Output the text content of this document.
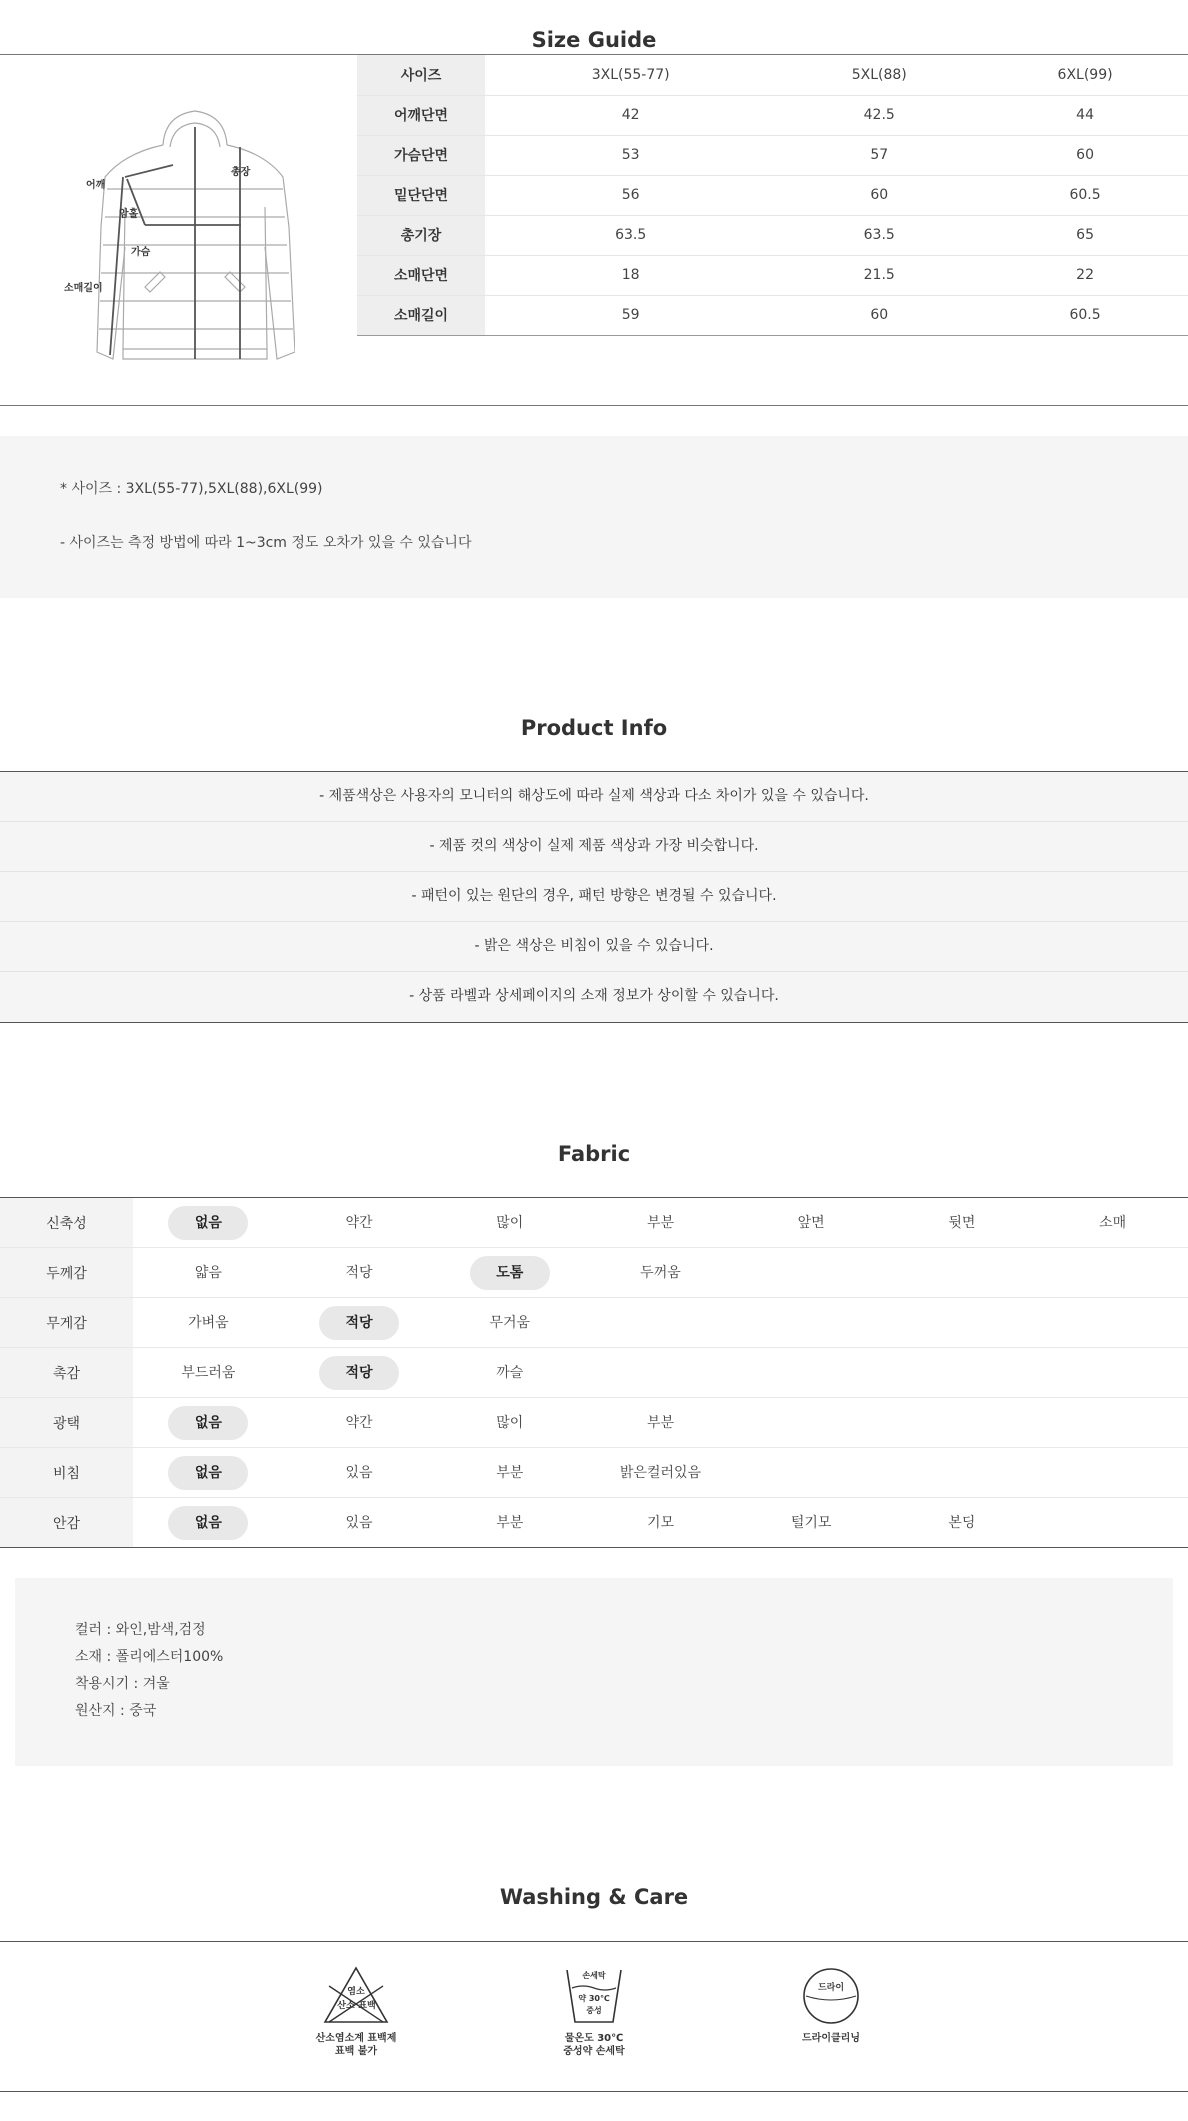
Size Guide
어깨
총장
암홀
가슴
소매길이
사이즈	3XL(55-77)	5XL(88)	6XL(99)
어깨단면	42	42.5	44
가슴단면	53	57	60
밑단단면	56	60	60.5
총기장	63.5	63.5	65
소매단면	18	21.5	22
소매길이	59	60	60.5
* 사이즈 : 3XL(55-77),5XL(88),6XL(99)
- 사이즈는 측정 방법에 따라 1~3cm 정도 오차가 있을 수 있습니다
Product Info
- 제품색상은 사용자의 모니터의 해상도에 따라 실제 색상과 다소 차이가 있을 수 있습니다.
- 제품 컷의 색상이 실제 제품 색상과 가장 비슷합니다.
- 패턴이 있는 원단의 경우, 패턴 방향은 변경될 수 있습니다.
- 밝은 색상은 비침이 있을 수 있습니다.
- 상품 라벨과 상세페이지의 소재 정보가 상이할 수 있습니다.
Fabric
신축성	없음	약간	많이	부분	앞면	뒷면	소매
두께감	얇음	적당	도톰	두꺼움			
무게감	가벼움	적당	무거움				
촉감	부드러움	적당	까슬				
광택	없음	약간	많이	부분			
비침	없음	있음	부분	밝은컬러있음			
안감	없음	있음	부분	기모	털기모	본딩	
컬러 : 와인,밤색,검정
소재 : 폴리에스터100%
착용시기 : 겨울
원산지 : 중국
Washing & Care
염소
산소 표백
산소염소계 표백제
표백 불가
손세탁
약 30℃
중성
물온도 30℃
중성약 손세탁
드라이
드라이클리닝
